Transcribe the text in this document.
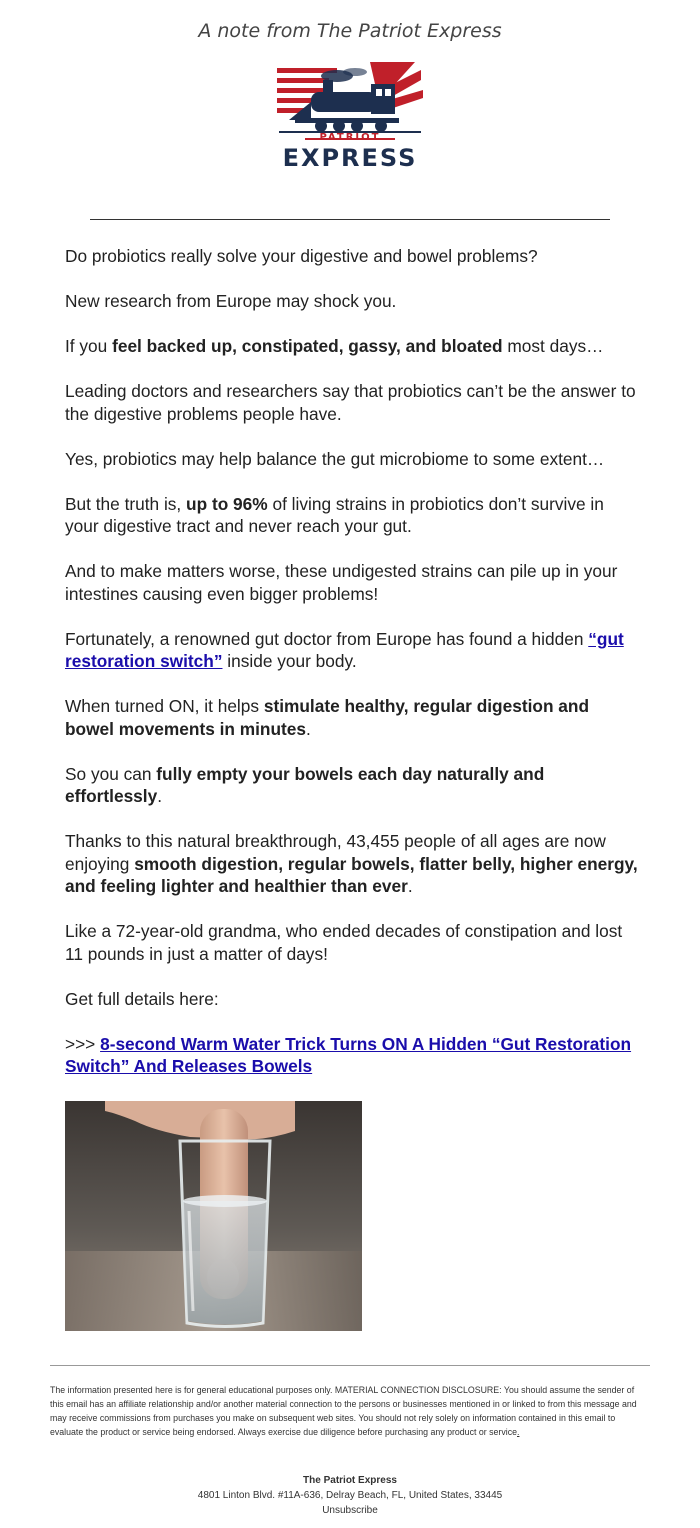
A note from The Patriot Express
PATRIOT
EXPRESS

Do probiotics really solve your digestive and bowel problems?

New research from Europe may shock you.

If you feel backed up, constipated, gassy, and bloated most days…

Leading doctors and researchers say that probiotics can’t be the answer to the digestive problems people have.

Yes, probiotics may help balance the gut microbiome to some extent…

But the truth is, up to 96% of living strains in probiotics don’t survive in your digestive tract and never reach your gut.

And to make matters worse, these undigested strains can pile up in your intestines causing even bigger problems!

Fortunately, a renowned gut doctor from Europe has found a hidden “gut restoration switch” inside your body.

When turned ON, it helps stimulate healthy, regular digestion and bowel movements in minutes.

So you can fully empty your bowels each day naturally and effortlessly.

Thanks to this natural breakthrough, 43,455 people of all ages are now enjoying smooth digestion, regular bowels, flatter belly, higher energy, and feeling lighter and healthier than ever.

Like a 72-year-old grandma, who ended decades of constipation and lost 11 pounds in just a matter of days!

Get full details here:

>>> 8-second Warm Water Trick Turns ON A Hidden “Gut Restoration Switch” And Releases Bowels

The information presented here is for general educational purposes only. MATERIAL CONNECTION DISCLOSURE: You should assume the sender of this email has an affiliate relationship and/or another material connection to the persons or businesses mentioned in or linked to from this message and may receive commissions from purchases you make on subsequent web sites. You should not rely solely on information contained in this email to evaluate the product or service being endorsed. Always exercise due diligence before purchasing any product or service.
The Patriot Express
4801 Linton Blvd. #11A-636, Delray Beach, FL, United States, 33445
Unsubscribe
